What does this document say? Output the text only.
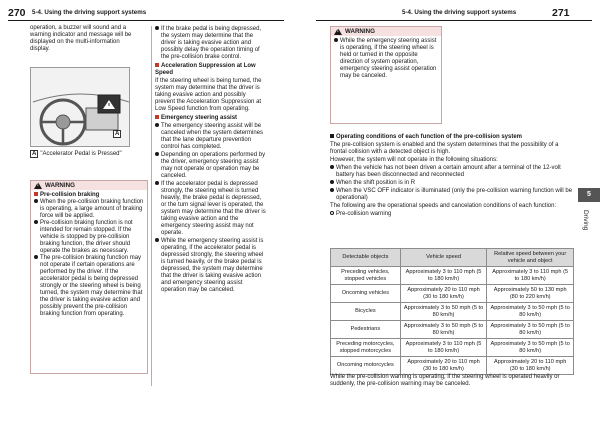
270 5-4. Using the driving support systems	5-4. Using the driving support systems	271
operation, a buzzer will sound and a warning indicator and message will be displayed on the multi-information display.
A
A "Accelerator Pedal is Pressed"
!
WARNING

Pre-collision braking

When the pre-collision braking function is operating, a large amount of braking force will be applied.

Pre-collision braking function is not intended for remain stopped. If the vehicle is stopped by pre-collision braking function, the driver should operate the brakes as necessary.

The pre-collision braking function may not operate if certain operations are performed by the driver. If the accelerator pedal is being depressed strongly or the steering wheel is being turned, the system may determine that the driver is taking evasive action and possibly prevent the pre-collision braking function from operating.

If the brake pedal is being depressed, the system may determine that the driver is taking evasive action and possibly delay the operation timing of the pre-collision brake control.

Acceleration Suppression at Low Speed

If the steering wheel is being turned, the system may determine that the driver is taking evasive action and possibly prevent the Acceleration Suppression at Low Speed function from operating.

Emergency steering assist

The emergency steering assist will be canceled when the system determines that the lane departure prevention control has completed.

Depending on operations performed by the driver, emergency steering assist may not operate or operation may be canceled.

If the accelerator pedal is depressed strongly, the steering wheel is turned heavily, the brake pedal is depressed, or the turn signal lever is operated, the system may determine that the driver is taking evasive action and the emergency steering assist may not operate.

While the emergency steering assist is operating, if the accelerator pedal is depressed strongly, the steering wheel is turned heavily, or the brake pedal is depressed, the system may determine that the driver is taking evasive action and emergency steering assist operation may be canceled.

!
WARNING

While the emergency steering assist is operating, if the steering wheel is held or turned in the opposite direction of system operation, emergency steering assist operation may be canceled.

Operating conditions of each function of the pre-collision system

The pre-collision system is enabled and the system determines that the possibility of a frontal collision with a detected object is high.

However, the system will not operate in the following situations:

When the vehicle has not been driven a certain amount after a terminal of the 12-volt battery has been disconnected and reconnected

When the shift position is in R

When the VSC OFF indicator is illuminated (only the pre-collision warning function will be operational)

The following are the operational speeds and cancelation conditions of each function:

Pre-collision warning

Detectable objects	Vehicle speed	Relative speed between your vehicle and object
Preceding vehicles, stopped vehicles	Approximately 3 to 110 mph (5 to 180 km/h)	Approximately 3 to 110 mph (5 to 180 km/h)
Oncoming vehicles	Approximately 20 to 110 mph (30 to 180 km/h)	Approximately 50 to 130 mph (80 to 220 km/h)
Bicycles	Approximately 3 to 50 mph (5 to 80 km/h)	Approximately 3 to 50 mph (5 to 80 km/h)
Pedestrians	Approximately 3 to 50 mph (5 to 80 km/h)	Approximately 3 to 50 mph (5 to 80 km/h)
Preceding motorcycles, stopped motorcycles	Approximately 3 to 110 mph (5 to 180 km/h)	Approximately 3 to 50 mph (5 to 80 km/h)
Oncoming motorcycles	Approximately 20 to 110 mph (30 to 180 km/h)	Approximately 20 to 110 mph (30 to 180 km/h)
While the pre-collision warning is operating, if the steering wheel is operated heavily or suddenly, the pre-collision warning may be canceled.
5
Driving
